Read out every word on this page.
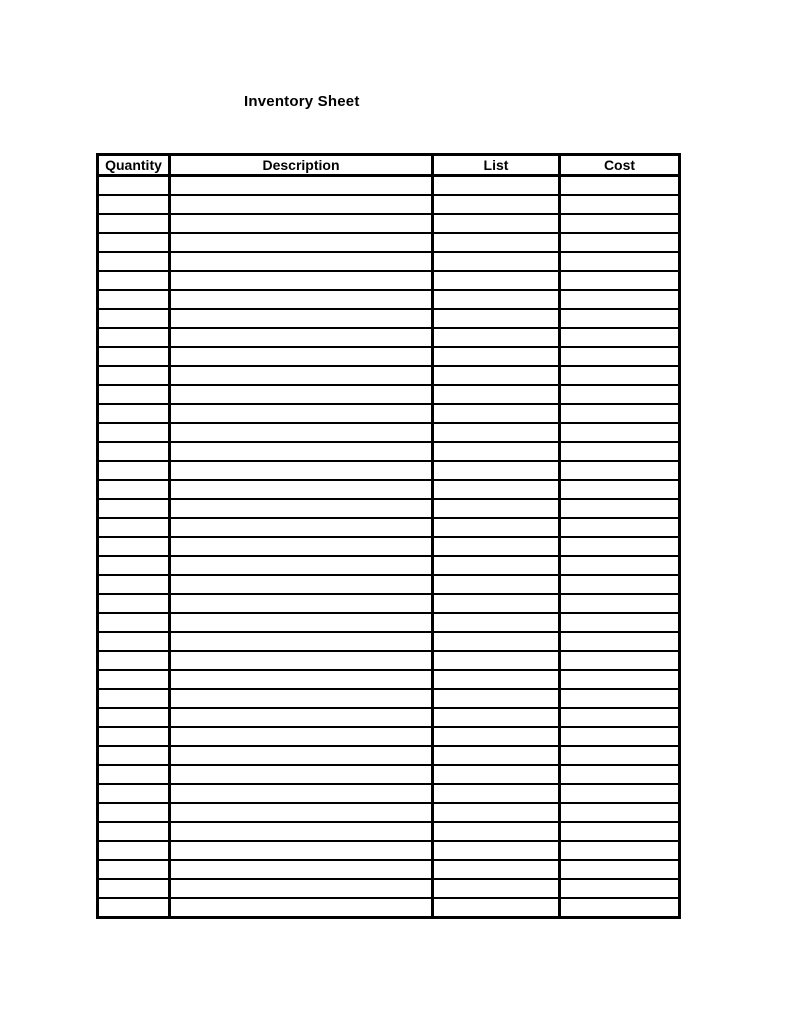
Inventory Sheet
Quantity	Description	List	Cost
